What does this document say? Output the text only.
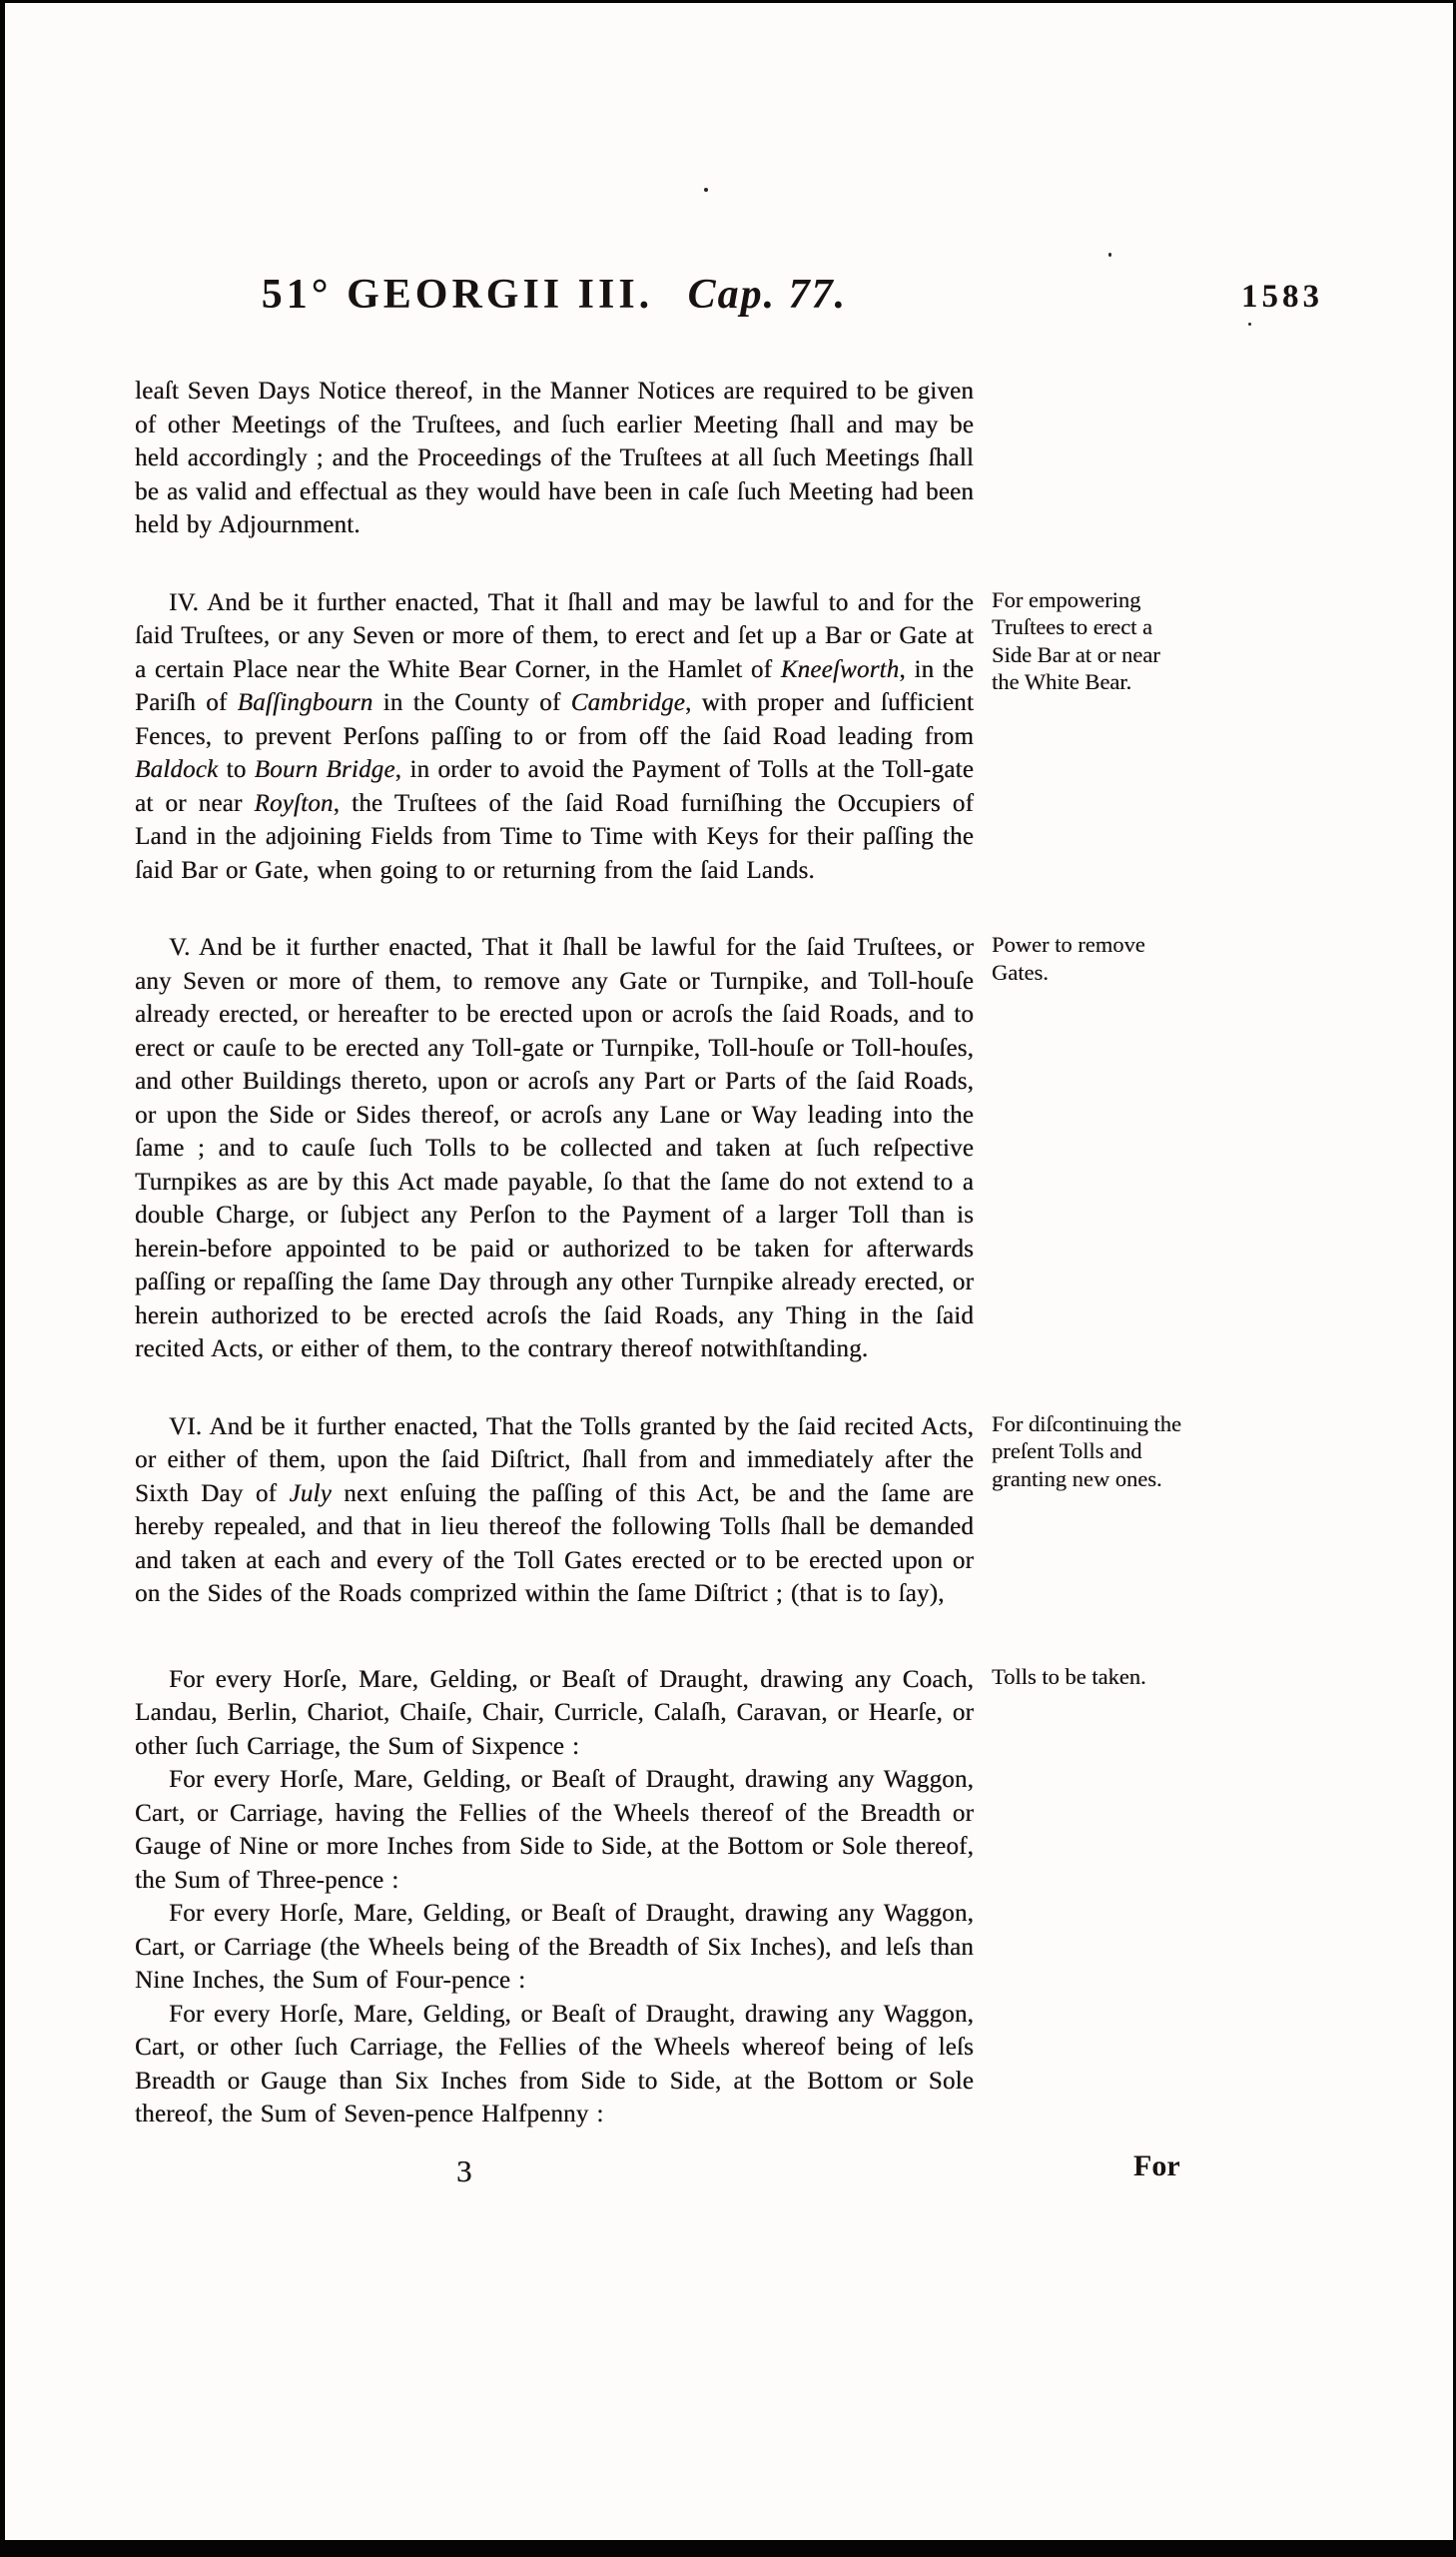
51° GEORGII III. Cap. 77.	1583

leaſt Seven Days Notice thereof, in the Manner Notices are required to be given of other Meetings of the Truſtees, and ſuch earlier Meeting ſhall and may be held accordingly ; and the Proceedings of the Truſtees at all ſuch Meetings ſhall be as valid and effectual as they would have been in caſe ſuch Meeting had been held by Adjournment.

IV. And be it further enacted, That it ſhall and may be lawful to and for the ſaid Truſtees, or any Seven or more of them, to erect and ſet up a Bar or Gate at a certain Place near the White Bear Corner, in the Hamlet of Kneeſworth, in the Pariſh of Baſſingbourn in the County of Cambridge, with proper and ſufficient Fences, to prevent Perſons paſſing to or from off the ſaid Road leading from Baldock to Bourn Bridge, in order to avoid the Payment of Tolls at the Toll-gate at or near Royſton, the Truſtees of the ſaid Road furniſhing the Occupiers of Land in the adjoining Fields from Time to Time with Keys for their paſſing the ſaid Bar or Gate, when going to or returning from the ſaid Lands.

For empowering Truſtees to erect a Side Bar at or near the White Bear.

V. And be it further enacted, That it ſhall be lawful for the ſaid Truſtees, or any Seven or more of them, to remove any Gate or Turnpike, and Toll-houſe already erected, or hereafter to be erected upon or acroſs the ſaid Roads, and to erect or cauſe to be erected any Toll-gate or Turnpike, Toll-houſe or Toll-houſes, and other Buildings thereto, upon or acroſs any Part or Parts of the ſaid Roads, or upon the Side or Sides thereof, or acroſs any Lane or Way leading into the ſame ; and to cauſe ſuch Tolls to be collected and taken at ſuch reſpective Turnpikes as are by this Act made payable, ſo that the ſame do not extend to a double Charge, or ſubject any Perſon to the Payment of a larger Toll than is herein-before appointed to be paid or authorized to be taken for afterwards paſſing or repaſſing the ſame Day through any other Turnpike already erected, or herein authorized to be erected acroſs the ſaid Roads, any Thing in the ſaid recited Acts, or either of them, to the contrary thereof notwithſtanding.

Power to remove Gates.

VI. And be it further enacted, That the Tolls granted by the ſaid recited Acts, or either of them, upon the ſaid Diſtrict, ſhall from and immediately after the Sixth Day of July next enſuing the paſſing of this Act, be and the ſame are hereby repealed, and that in lieu thereof the following Tolls ſhall be demanded and taken at each and every of the Toll Gates erected or to be erected upon or on the Sides of the Roads comprized within the ſame Diſtrict ; (that is to ſay),

For diſcontinuing the preſent Tolls and granting new ones.

For every Horſe, Mare, Gelding, or Beaſt of Draught, drawing any Coach, Landau, Berlin, Chariot, Chaiſe, Chair, Curricle, Calaſh, Caravan, or Hearſe, or other ſuch Carriage, the Sum of Sixpence :

Tolls to be taken.

For every Horſe, Mare, Gelding, or Beaſt of Draught, drawing any Waggon, Cart, or Carriage, having the Fellies of the Wheels thereof of the Breadth or Gauge of Nine or more Inches from Side to Side, at the Bottom or Sole thereof, the Sum of Three-pence :

For every Horſe, Mare, Gelding, or Beaſt of Draught, drawing any Waggon, Cart, or Carriage (the Wheels being of the Breadth of Six Inches), and leſs than Nine Inches, the Sum of Four-pence :

For every Horſe, Mare, Gelding, or Beaſt of Draught, drawing any Waggon, Cart, or other ſuch Carriage, the Fellies of the Wheels whereof being of leſs Breadth or Gauge than Six Inches from Side to Side, at the Bottom or Sole thereof, the Sum of Seven-pence Halfpenny :

3	For
